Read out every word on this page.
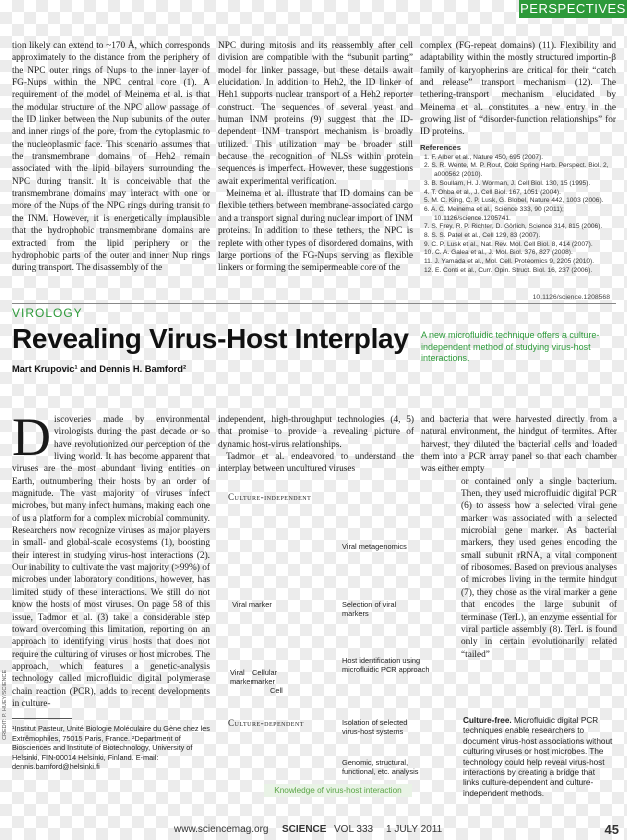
PERSPECTIVES

tion likely can extend to ~170 Å, which corresponds approximately to the distance from the periphery of the NPC outer rings of Nups to the inner layer of FG-Nups within the NPC central core (1). A requirement of the model of Meinema et al. is that the modular structure of the NPC allow passage of the ID linker between the Nup subunits of the outer and inner rings of the pore, from the cytoplasmic to the nucleoplasmic face. This scenario assumes that the transmembrane domains of Heh2 remain associated with the lipid bilayers surrounding the NPC during transit. It is conceivable that the transmembrane domains may interact with one or more of the Nups of the NPC rings during transit to the INM. However, it is energetically implausible that the hydrophobic transmembrane domains are extracted from the lipid periphery or the hydrophobic parts of the outer and inner Nup rings during transport. The disassembly of the

NPC during mitosis and its reassembly after cell division are compatible with the “subunit parting” model for linker passage, but these details await elucidation. In addition to Heh2, the ID linker of Heh1 supports nuclear transport of a Heh2 reporter construct. The sequences of several yeast and human INM proteins (9) suggest that the ID-dependent INM transport mechanism is broadly utilized. This utilization may be broader still because the recognition of NLSs within protein sequences is imperfect. However, these suggestions await experimental verification.

Meinema et al. illustrate that ID domains can be flexible tethers between membrane-associated cargo and a transport signal during nuclear import of INM proteins. In addition to these tethers, the NPC is replete with other types of disordered domains, with large portions of the FG-Nups serving as flexible linkers or forming the semipermeable core of the

complex (FG-repeat domains) (11). Flexibility and adaptability within the mostly structured importin-β family of karyopherins are critical for their “catch and release” transport mechanism (12). The tethering-transport mechanism elucidated by Meinema et al. constitutes a new entry in the growing list of “disorder-function relationships” for ID proteins.

References
1. F. Alber et al., Nature 450, 695 (2007).
2. S. R. Wente, M. P. Rout, Cold Spring Harb. Perspect. Biol. 2, a000562 (2010).
3. B. Soullam, H. J. Worman, J. Cell Biol. 130, 15 (1995).
4. T. Ohba et al., J. Cell Biol. 167, 1051 (2004).
5. M. C. King, C. P. Lusk, G. Blobel, Nature 442, 1003 (2006).
6. A. C. Meinema et al., Science 333, 90 (2011); 10.1126/science.1205741.
7. S. Frey, R. P. Richter, D. Görlich, Science 314, 815 (2006).
8. S. S. Patel et al., Cell 129, 83 (2007).
9. C. P. Lusk et al., Nat. Rev. Mol. Cell Biol. 8, 414 (2007).
10. C. A. Galea et al., J. Mol. Biol. 376, 827 (2008).
11. J. Yamada et al., Mol. Cell. Proteomics 9, 2205 (2010).
12. E. Conti et al., Curr. Opin. Struct. Biol. 16, 237 (2006).
10.1126/science.1208568
VIROLOGY
Revealing Virus-Host Interplay A new microfluidic technique offers a culture-independent method of studying virus-host interactions.
Mart Krupovic¹ and Dennis H. Bamford²

Discoveries made by environmental virologists during the past decade or so have revolutionized our perception of the living world. It has become apparent that viruses are the most abundant living entities on Earth, outnumbering their hosts by an order of magnitude. The vast majority of viruses infect microbes, but many infect humans, making each one of us a platform for a complex microbial community. Researchers now recognize viruses as major players in small- and global-scale ecosystems (1), boosting their interest in studying virus-host interactions (2). Our inability to cultivate the vast majority (>99%) of microbes under laboratory conditions, however, has limited study of these interactions. We still do not know the hosts of most viruses. On page 58 of this issue, Tadmor et al. (3) take a considerable step toward overcoming this limitation, reporting on an approach to identifying virus hosts that does not require the culturing of viruses or host microbes. The approach, which features a genetic-analysis technology called microfluidic digital polymerase chain reaction (PCR), adds to recent developments in culture-

independent, high-throughput technologies (4, 5) that promise to provide a revealing picture of dynamic host-virus relationships.

Tadmor et al. endeavored to understand the interplay between uncultured viruses

and bacteria that were harvested directly from a natural environment, the hindgut of termites. After harvest, they diluted the bacterial cells and loaded them into a PCR array panel so that each chamber was either empty

or contained only a single bacterium. Then, they used microfluidic digital PCR (6) to assess how a selected viral gene marker was associated with a selected microbial gene marker. As bacterial markers, they used genes encoding the small subunit rRNA, a vital component of ribosomes. Based on previous analyses of microbes living in the termite hindgut (7), they chose as the viral marker a gene that encodes the large subunit of terminase (TerL), an enzyme essential for viral particle assembly (8). TerL is found only in certain evolutionarily related “tailed”

Culture-independent
Viral metagenomics
Viral marker	Selection of viral markers
Viral marker
Cellular marker
Cell
Host identification using microfluidic PCR approach
Culture-dependent	Isolation of selected virus-host systems
Genomic, structural, functional, etc. analysis
Knowledge of virus-host interaction
Culture-free. Microfluidic digital PCR techniques enable researchers to document virus-host associations without culturing viruses or host microbes. The technology could help reveal virus-host interactions by creating a bridge that links culture-dependent and culture-independent methods.
¹Institut Pasteur, Unité Biologie Moléculaire du Gène chez les Extrêmophiles, 75015 Paris, France. ²Department of Biosciences and Institute of Biotechnology, University of Helsinki, FIN-00014 Helsinki, Finland. E-mail: dennis.bamford@helsinki.fi
CREDIT: P. HUEY/SCIENCE
www.sciencemag.org SCIENCE VOL 333 1 JULY 2011	45
